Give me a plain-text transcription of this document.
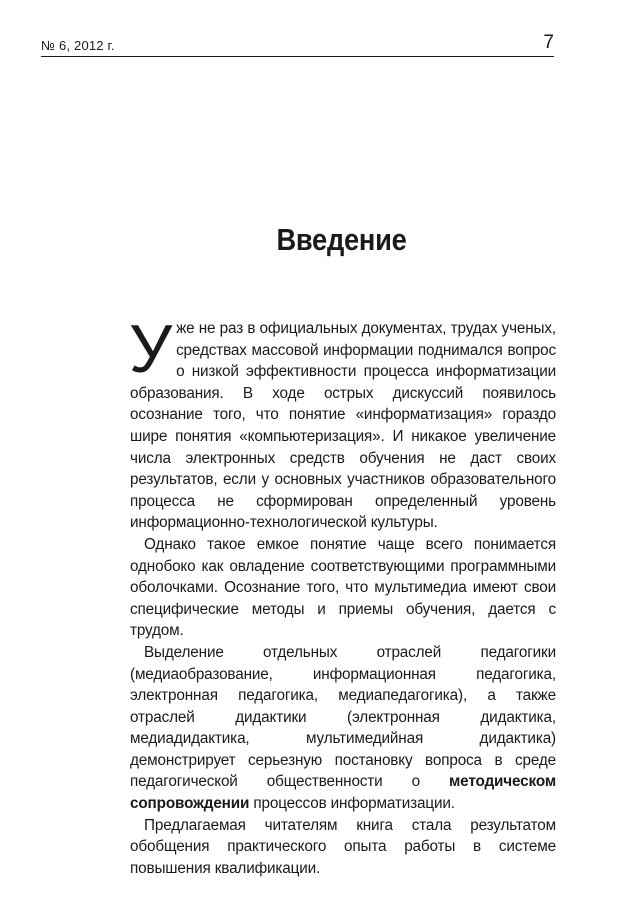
№ 6, 2012 г.	7
Введение

Уже не раз в официальных документах, трудах ученых, средствах массовой информации поднимался вопрос о низкой эффективности процесса информатизации образования. В ходе острых дискуссий появилось осознание того, что понятие «информатизация» гораздо шире понятия «компьютеризация». И никакое увеличение числа электронных средств обучения не даст своих результатов, если у основных участников образовательного процесса не сформирован определенный уровень информационно-технологической культуры.

Однако такое емкое понятие чаще всего понимается однобоко как овладение соответствующими программными оболочками. Осознание того, что мультимедиа имеют свои специфические методы и приемы обучения, дается с трудом.

Выделение отдельных отраслей педагогики (медиаобразование, информационная педагогика, электронная педагогика, медиапедагогика), а также отраслей дидактики (электронная дидактика, медиадидактика, мультимедийная дидактика) демонстрирует серьезную постановку вопроса в среде педагогической общественности о методическом сопровождении процессов информатизации.

Предлагаемая читателям книга стала результатом обобщения практического опыта работы в системе повышения квалификации.
